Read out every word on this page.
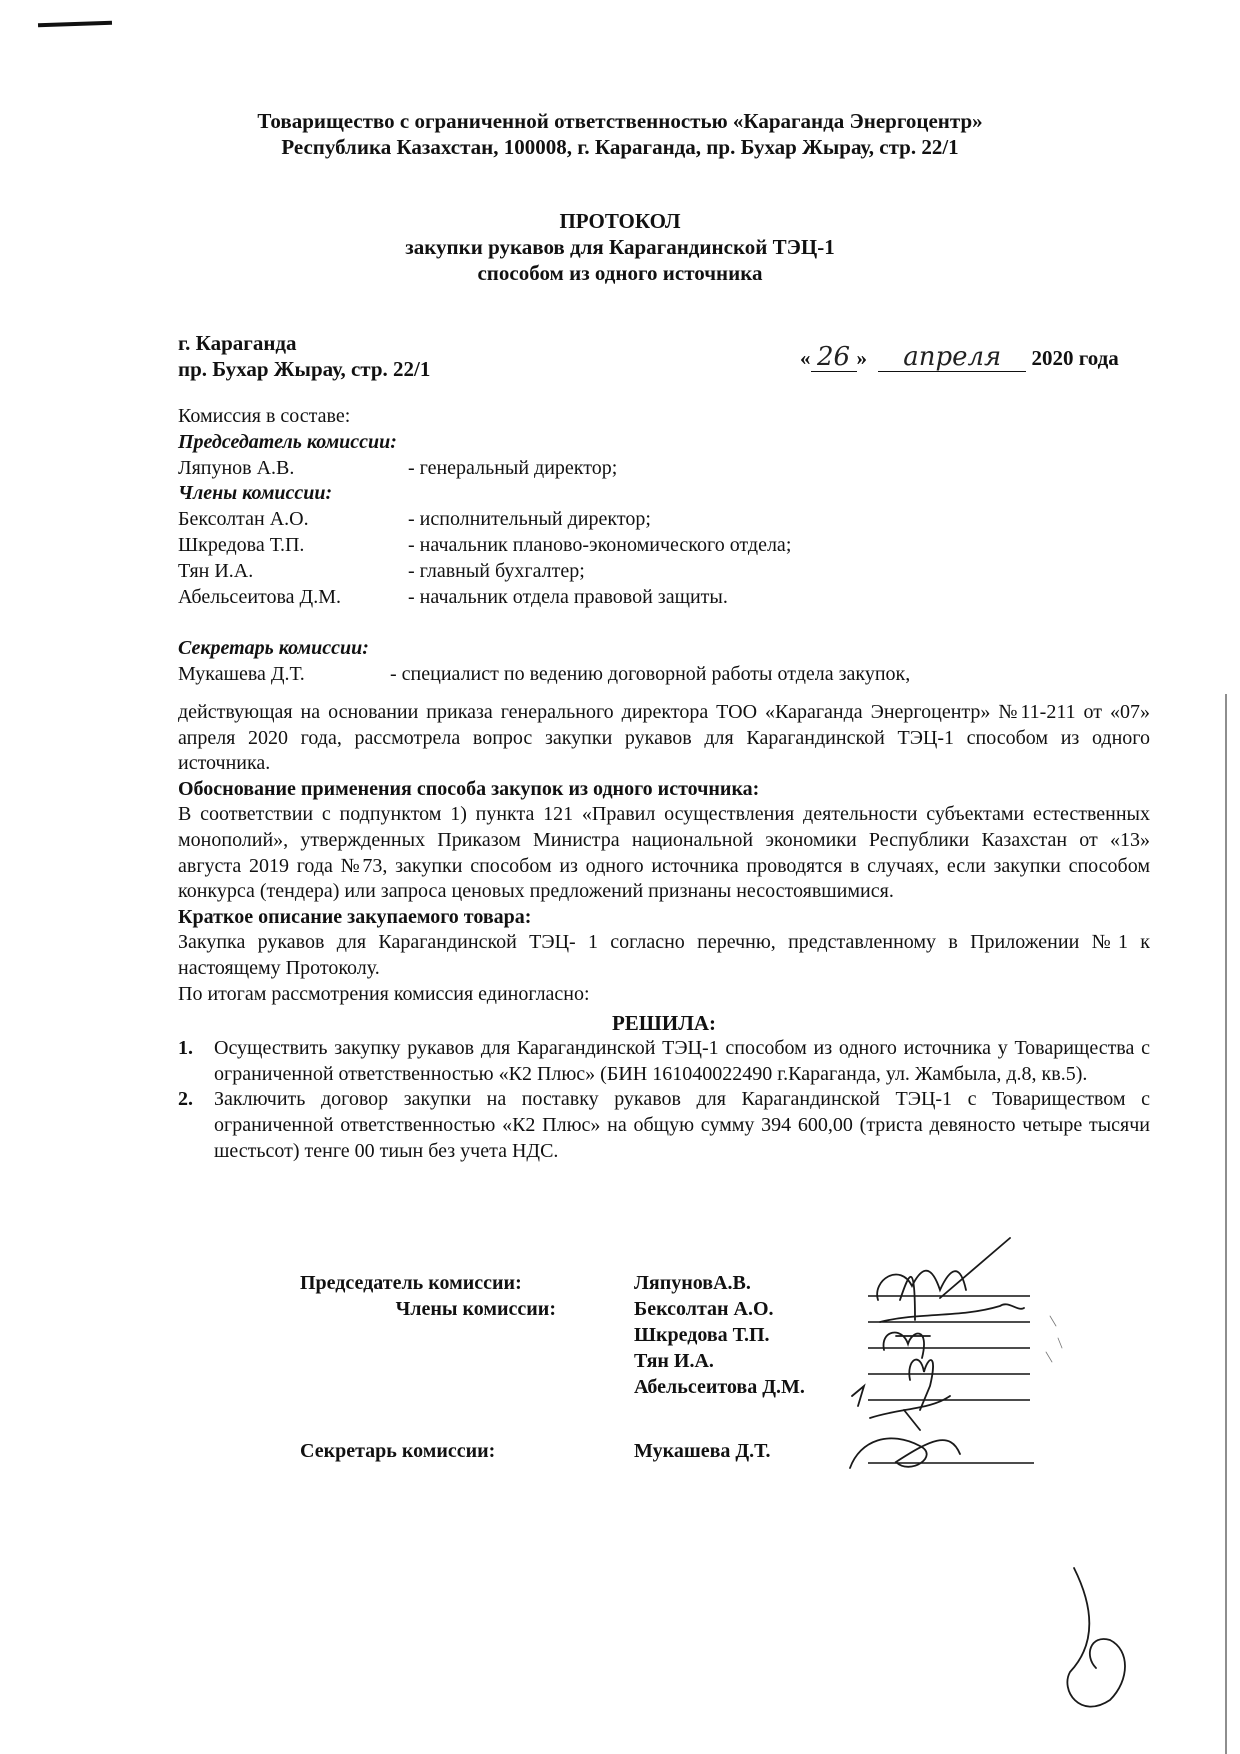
Товарищество с ограниченной ответственностью «Караганда Энергоцентр»
Республика Казахстан, 100008, г. Караганда, пр. Бухар Жырау, стр. 22/1
ПРОТОКОЛ
закупки рукавов для Карагандинской ТЭЦ-1
способом из одного источника
г. Караганда
пр. Бухар Жырау, стр. 22/1	« 26 » апреля 2020 года
Комиссия в составе:
Председатель комиссии:
Ляпунов А.В.	- генеральный директор;
Члены комиссии:
Бексолтан А.О.	- исполнительный директор;
Шкредова Т.П.	- начальник планово-экономического отдела;
Тян И.А.	- главный бухгалтер;
Абельсеитова Д.М.	- начальник отдела правовой защиты.
Секретарь комиссии:
Мукашева Д.Т.	- специалист по ведению договорной работы отдела закупок,

действующая на основании приказа генерального директора ТОО «Караганда Энергоцентр» №11-211 от «07» апреля 2020 года, рассмотрела вопрос закупки рукавов для Карагандинской ТЭЦ-1 способом из одного источника.

Обоснование применения способа закупок из одного источника:

В соответствии с подпунктом 1) пункта 121 «Правил осуществления деятельности субъектами естественных монополий», утвержденных Приказом Министра национальной экономики Республики Казахстан от «13» августа 2019 года №73, закупки способом из одного источника проводятся в случаях, если закупки способом конкурса (тендера) или запроса ценовых предложений признаны несостоявшимися.

Краткое описание закупаемого товара:

Закупка рукавов для Карагандинской ТЭЦ- 1 согласно перечню, представленному в Приложении №1 к настоящему Протоколу.

По итогам рассмотрения комиссия единогласно:

РЕШИЛА:
1.	Осуществить закупку рукавов для Карагандинской ТЭЦ-1 способом из одного источника у Товарищества с ограниченной ответственностью «К2 Плюс» (БИН 161040022490 г.Караганда, ул. Жамбыла, д.8, кв.5).
2.	Заключить договор закупки на поставку рукавов для Карагандинской ТЭЦ-1 с Товариществом с ограниченной ответственностью «К2 Плюс» на общую сумму 394 600,00 (триста девяносто четыре тысячи шестьсот) тенге 00 тиын без учета НДС.
Председатель комиссии:	ЛяпуновА.В.
Члены комиссии:	Бексолтан А.О.
Шкредова Т.П.
Тян И.А.
Абельсеитова Д.М.
Секретарь комиссии:	Мукашева Д.Т.
